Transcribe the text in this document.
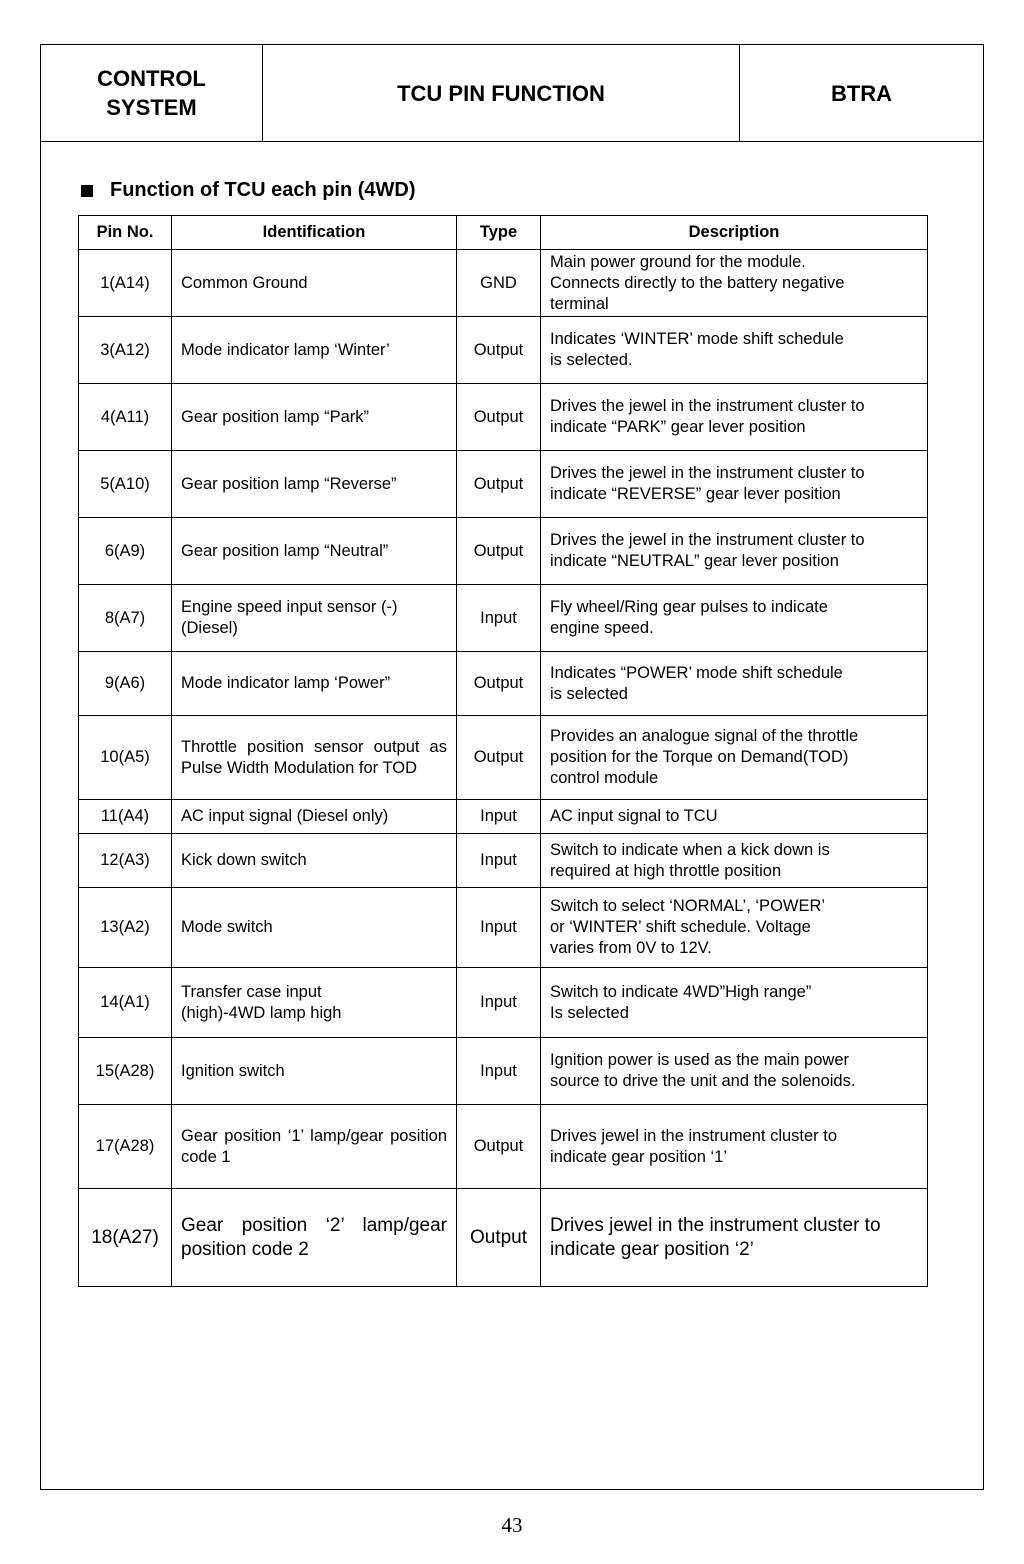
CONTROL
SYSTEM
TCU PIN FUNCTION	BTRA
Function of TCU each pin (4WD)
Pin No.	Identification	Type	Description
1(A14)	Common Ground	GND	Main power ground for the module.
Connects directly to the battery negative
terminal
3(A12)	Mode indicator lamp ‘Winter’	Output	Indicates ‘WINTER’ mode shift schedule
is selected.
4(A11)	Gear position lamp “Park”	Output	Drives the jewel in the instrument cluster to
indicate “PARK” gear lever position
5(A10)	Gear position lamp “Reverse”	Output	Drives the jewel in the instrument cluster to
indicate “REVERSE” gear lever position
6(A9)	Gear position lamp “Neutral”	Output	Drives the jewel in the instrument cluster to
indicate “NEUTRAL” gear lever position
8(A7)	Engine speed input sensor (-)
(Diesel)	Input	Fly wheel/Ring gear pulses to indicate
engine speed.
9(A6)	Mode indicator lamp ‘Power”	Output	Indicates “POWER’ mode shift schedule
is selected
10(A5)	Throttle position sensor output as Pulse Width Modulation for TOD	Output	Provides an analogue signal of the throttle
position for the Torque on Demand(TOD)
control module
11(A4)	AC input signal (Diesel only)	Input	AC input signal to TCU
12(A3)	Kick down switch	Input	Switch to indicate when a kick down is
required at high throttle position
13(A2)	Mode switch	Input	Switch to select ‘NORMAL’, ‘POWER’
or ‘WINTER’ shift schedule. Voltage
varies from 0V to 12V.
14(A1)	Transfer case input
(high)-4WD lamp high	Input	Switch to indicate 4WD”High range”
Is selected
15(A28)	Ignition switch	Input	Ignition power is used as the main power
source to drive the unit and the solenoids.
17(A28)	Gear position ‘1’ lamp/gear position code 1	Output	Drives jewel in the instrument cluster to
indicate gear position ‘1’
18(A27)	Gear position ‘2’ lamp/gear position code 2	Output	Drives jewel in the instrument cluster to
indicate gear position ‘2’
43
